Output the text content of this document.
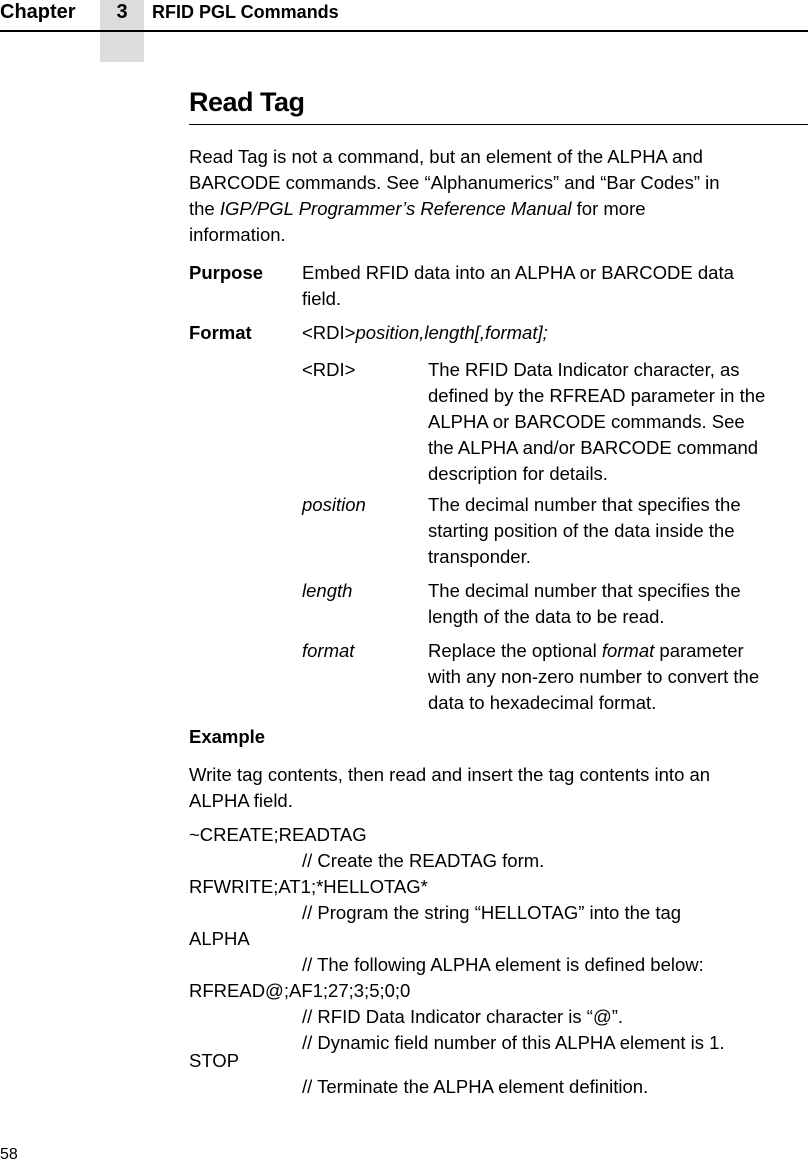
Chapter	3	RFID PGL Commands
Read Tag
Read Tag is not a command, but an element of the ALPHA and
BARCODE commands. See “Alphanumerics” and “Bar Codes” in
the IGP/PGL Programmer’s Reference Manual for more
information.
Purpose Embed RFID data into an ALPHA or BARCODE data
field.
Format	<RDI>position,length[,format];
<RDI>	The RFID Data Indicator character, as
defined by the RFREAD parameter in the
ALPHA or BARCODE commands. See
the ALPHA and/or BARCODE command
description for details.
position	The decimal number that specifies the
starting position of the data inside the
transponder.
length	The decimal number that specifies the
length of the data to be read.
format	Replace the optional format parameter
with any non-zero number to convert the
data to hexadecimal format.
Example
Write tag contents, then read and insert the tag contents into an
ALPHA field.
~CREATE;READTAG
// Create the READTAG form.
RFWRITE;AT1;*HELLOTAG*
// Program the string “HELLOTAG” into the tag
ALPHA
// The following ALPHA element is defined below:
RFREAD@;AF1;27;3;5;0;0
// RFID Data Indicator character is “@”.
// Dynamic field number of this ALPHA element is 1.
STOP
// Terminate the ALPHA element definition.
58
